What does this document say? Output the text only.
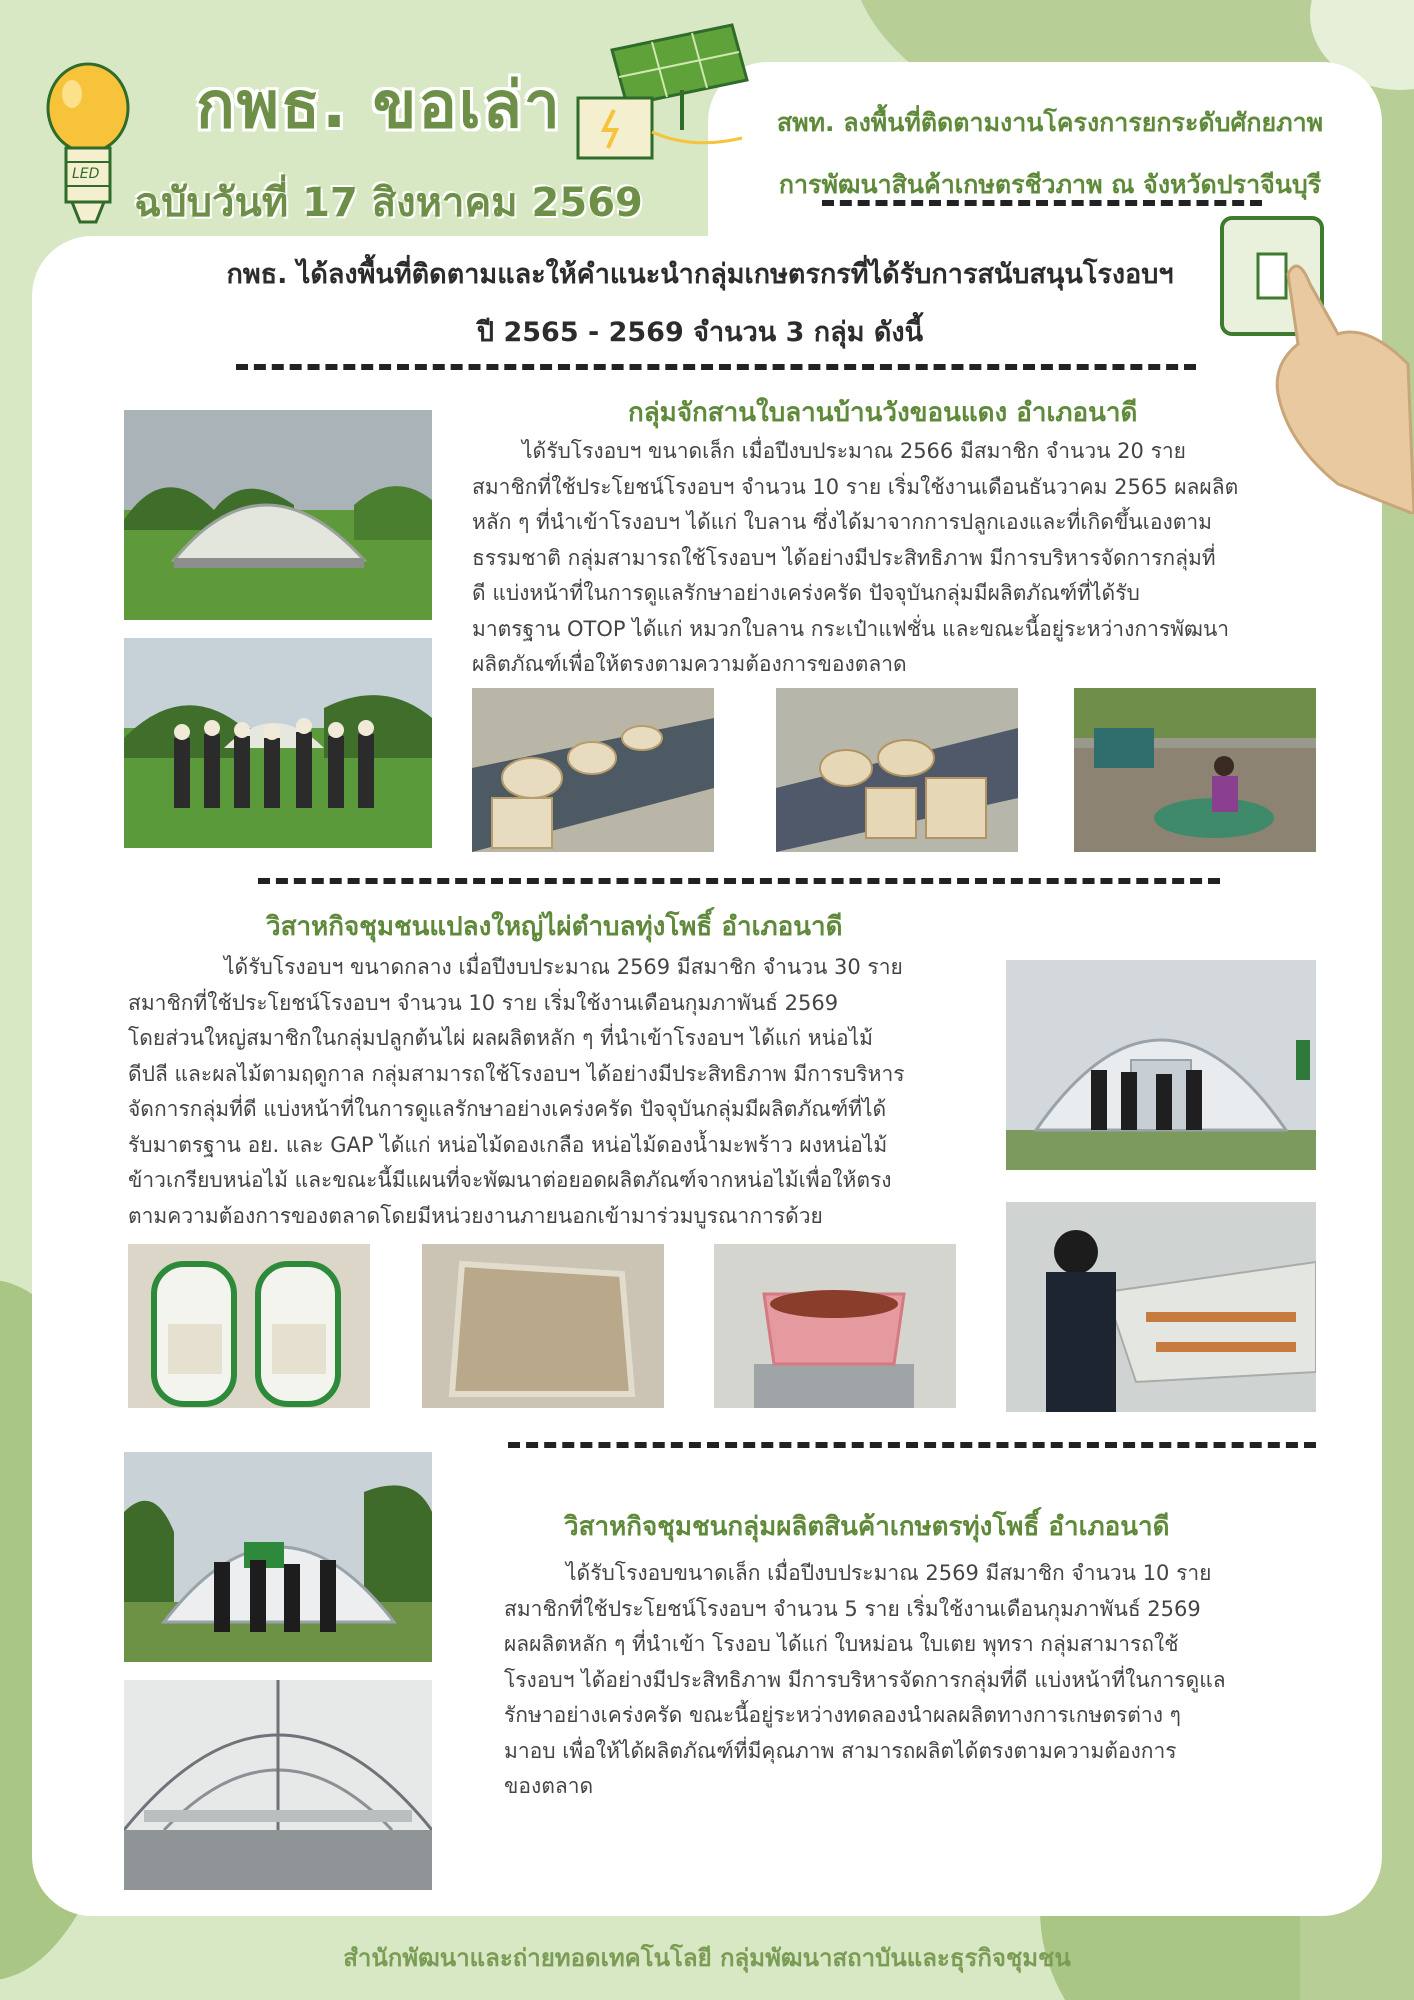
LED
กพธ. ขอเล่า
ฉบับวันที่ 17 สิงหาคม 2569
สพท. ลงพื้นที่ติดตามงานโครงการยกระดับศักยภาพ
การพัฒนาสินค้าเกษตรชีวภาพ ณ จังหวัดปราจีนบุรี
กพธ. ได้ลงพื้นที่ติดตามและให้คำแนะนำกลุ่มเกษตรกรที่ได้รับการสนับสนุนโรงอบฯ
ปี 2565 - 2569 จำนวน 3 กลุ่ม ดังนี้
กลุ่มจักสานใบลานบ้านวังขอนแดง อำเภอนาดี
ได้รับโรงอบฯ ขนาดเล็ก เมื่อปีงบประมาณ 2566 มีสมาชิก จำนวน 20 ราย
สมาชิกที่ใช้ประโยชน์โรงอบฯ จำนวน 10 ราย เริ่มใช้งานเดือนธันวาคม 2565 ผลผลิต
หลัก ๆ ที่นำเข้าโรงอบฯ ได้แก่ ใบลาน ซึ่งได้มาจากการปลูกเองและที่เกิดขึ้นเองตาม
ธรรมชาติ กลุ่มสามารถใช้โรงอบฯ ได้อย่างมีประสิทธิภาพ มีการบริหารจัดการกลุ่มที่
ดี แบ่งหน้าที่ในการดูแลรักษาอย่างเคร่งครัด ปัจจุบันกลุ่มมีผลิตภัณฑ์ที่ได้รับ
มาตรฐาน OTOP ได้แก่ หมวกใบลาน กระเป๋าแฟชั่น และขณะนี้อยู่ระหว่างการพัฒนา
ผลิตภัณฑ์เพื่อให้ตรงตามความต้องการของตลาด
วิสาหกิจชุมชนแปลงใหญ่ไผ่ตำบลทุ่งโพธิ์ อำเภอนาดี
ได้รับโรงอบฯ ขนาดกลาง เมื่อปีงบประมาณ 2569 มีสมาชิก จำนวน 30 ราย
สมาชิกที่ใช้ประโยชน์โรงอบฯ จำนวน 10 ราย เริ่มใช้งานเดือนกุมภาพันธ์ 2569
โดยส่วนใหญ่สมาชิกในกลุ่มปลูกต้นไผ่ ผลผลิตหลัก ๆ ที่นำเข้าโรงอบฯ ได้แก่ หน่อไม้
ดีปลี และผลไม้ตามฤดูกาล กลุ่มสามารถใช้โรงอบฯ ได้อย่างมีประสิทธิภาพ มีการบริหาร
จัดการกลุ่มที่ดี แบ่งหน้าที่ในการดูแลรักษาอย่างเคร่งครัด ปัจจุบันกลุ่มมีผลิตภัณฑ์ที่ได้
รับมาตรฐาน อย. และ GAP ได้แก่ หน่อไม้ดองเกลือ หน่อไม้ดองน้ำมะพร้าว ผงหน่อไม้
ข้าวเกรียบหน่อไม้ และขณะนี้มีแผนที่จะพัฒนาต่อยอดผลิตภัณฑ์จากหน่อไม้เพื่อให้ตรง
ตามความต้องการของตลาดโดยมีหน่วยงานภายนอกเข้ามาร่วมบูรณาการด้วย
วิสาหกิจชุมชนกลุ่มผลิตสินค้าเกษตรทุ่งโพธิ์ อำเภอนาดี
ได้รับโรงอบขนาดเล็ก เมื่อปีงบประมาณ 2569 มีสมาชิก จำนวน 10 ราย
สมาชิกที่ใช้ประโยชน์โรงอบฯ จำนวน 5 ราย เริ่มใช้งานเดือนกุมภาพันธ์ 2569
ผลผลิตหลัก ๆ ที่นำเข้า โรงอบ ได้แก่ ใบหม่อน ใบเตย พุทรา กลุ่มสามารถใช้
โรงอบฯ ได้อย่างมีประสิทธิภาพ มีการบริหารจัดการกลุ่มที่ดี แบ่งหน้าที่ในการดูแล
รักษาอย่างเคร่งครัด ขณะนี้อยู่ระหว่างทดลองนำผลผลิตทางการเกษตรต่าง ๆ
มาอบ เพื่อให้ได้ผลิตภัณฑ์ที่มีคุณภาพ สามารถผลิตได้ตรงตามความต้องการ
ของตลาด
สำนักพัฒนาและถ่ายทอดเทคโนโลยี กลุ่มพัฒนาสถาบันและธุรกิจชุมชน
